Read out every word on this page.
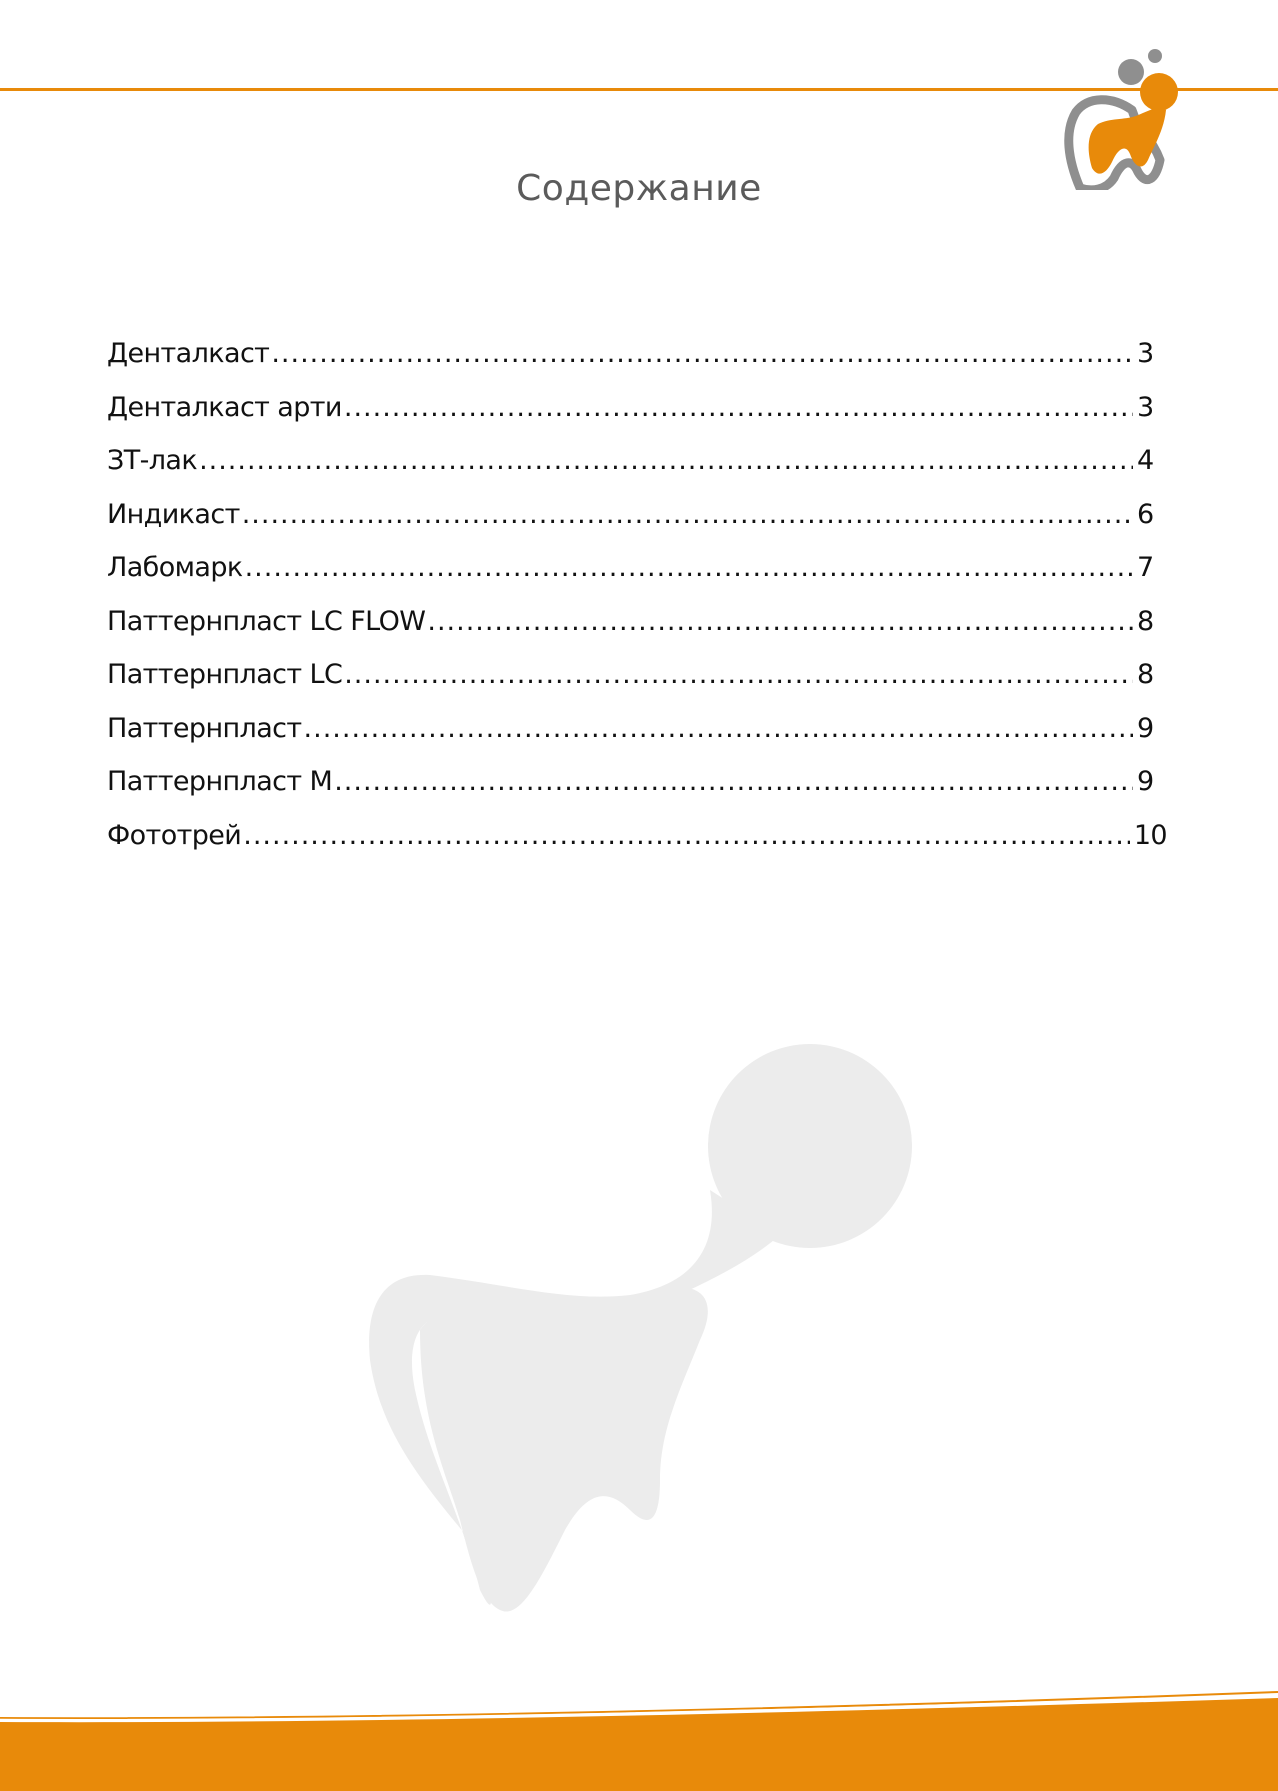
Содержание
Денталкаст .....	3
Денталкаст арти .....	3
ЗТ-лак .....	4
Индикаст .....	6
Лабомарк .....	7
Паттернпласт LC FLOW .....	8
Паттернпласт LC .....	8
Паттернпласт .....	9
Паттернпласт М .....	9
Фототрей .....	10
